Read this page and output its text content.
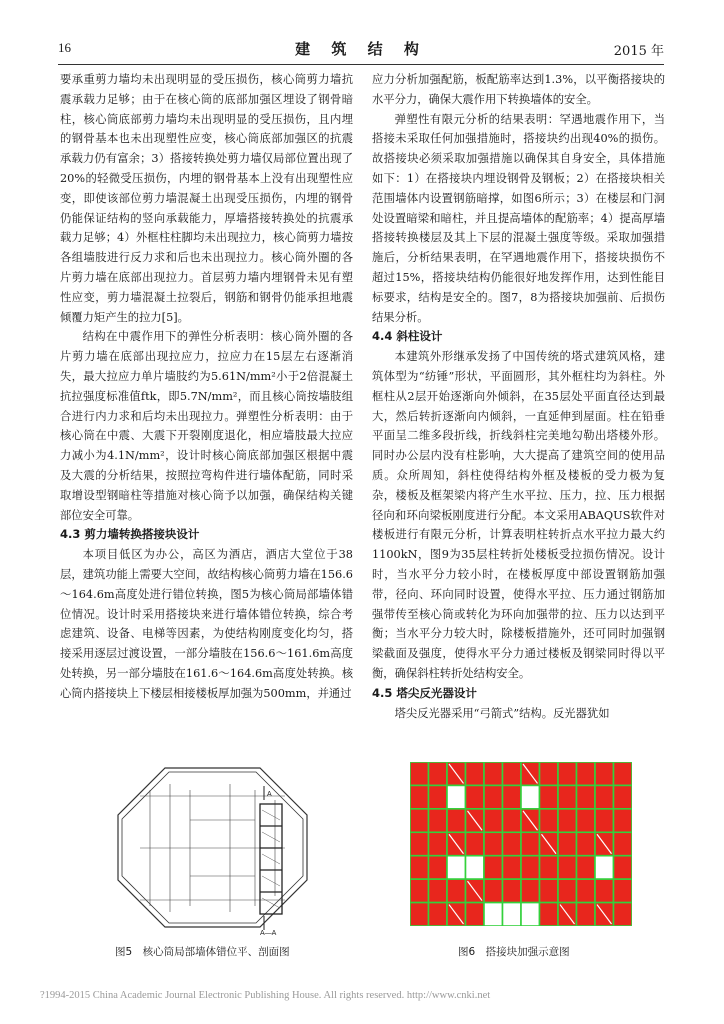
16	建 筑 结 构	2015 年

要承重剪力墙均未出现明显的受压损伤，核心筒剪力墙抗震承载力足够；由于在核心筒的底部加强区埋设了钢骨暗柱，核心筒底部剪力墙均未出现明显的受压损伤，且内埋的钢骨基本也未出现塑性应变，核心筒底部加强区的抗震承载力仍有富余；3）搭接转换处剪力墙仅局部位置出现了20%的轻微受压损伤，内埋的钢骨基本上没有出现塑性应变，即使该部位剪力墙混凝土出现受压损伤，内埋的钢骨仍能保证结构的竖向承载能力，厚墙搭接转换处的抗震承载力足够；4）外框柱柱脚均未出现拉力，核心筒剪力墙按各组墙肢进行反力求和后也未出现拉力。核心筒外圈的各片剪力墙在底部出现拉力。首层剪力墙内埋钢骨未见有塑性应变，剪力墙混凝土拉裂后，钢筋和钢骨仍能承担地震倾覆力矩产生的拉力[5]。

结构在中震作用下的弹性分析表明：核心筒外圈的各片剪力墙在底部出现拉应力，拉应力在15层左右逐渐消失，最大拉应力单片墙肢约为5.61N/mm²小于2倍混凝土抗拉强度标准值ftk，即5.7N/mm²，而且核心筒按墙肢组合进行内力求和后均未出现拉力。弹塑性分析表明：由于核心筒在中震、大震下开裂刚度退化，相应墙肢最大拉应力减小为4.1N/mm²，设计时核心筒底部加强区根据中震及大震的分析结果，按照拉弯构件进行墙体配筋，同时采取增设型钢暗柱等措施对核心筒予以加强，确保结构关键部位安全可靠。

4.3 剪力墙转换搭接块设计

本项目低区为办公，高区为酒店，酒店大堂位于38层，建筑功能上需要大空间，故结构核心筒剪力墙在156.6～164.6m高度处进行错位转换，图5为核心筒局部墙体错位情况。设计时采用搭接块来进行墙体错位转换，综合考虑建筑、设备、电梯等因素，为使结构刚度变化均匀，搭接采用逐层过渡设置，一部分墙肢在156.6～161.6m高度处转换，另一部分墙肢在161.6～164.6m高度处转换。核心筒内搭接块上下楼层相接楼板厚加强为500mm，并通过

应力分析加强配筋，板配筋率达到1.3%，以平衡搭接块的水平分力，确保大震作用下转换墙体的安全。

弹塑性有限元分析的结果表明：罕遇地震作用下，当搭接未采取任何加强措施时，搭接块约出现40%的损伤。故搭接块必须采取加强措施以确保其自身安全，具体措施如下：1）在搭接块内埋设钢骨及钢板；2）在搭接块相关范围墙体内设置钢筋暗撑，如图6所示；3）在楼层和门洞处设置暗梁和暗柱，并且提高墙体的配筋率；4）提高厚墙搭接转换楼层及其上下层的混凝土强度等级。采取加强措施后，分析结果表明，在罕遇地震作用下，搭接块损伤不超过15%，搭接块结构仍能很好地发挥作用，达到性能目标要求，结构是安全的。图7，8为搭接块加强前、后损伤结果分析。

4.4 斜柱设计

本建筑外形继承发扬了中国传统的塔式建筑风格，建筑体型为“纺锤”形状，平面圆形，其外框柱均为斜柱。外框柱从2层开始逐渐向外倾斜，在35层处平面直径达到最大，然后转折逐渐向内倾斜，一直延伸到屋面。柱在铅垂平面呈二维多段折线，折线斜柱完美地勾勒出塔楼外形。同时办公层内没有柱影响，大大提高了建筑空间的使用品质。众所周知，斜柱使得结构外框及楼板的受力极为复杂，楼板及框架梁内将产生水平拉、压力，拉、压力根据径向和环向梁板刚度进行分配。本文采用ABAQUS软件对楼板进行有限元分析，计算表明柱转折点水平拉力最大约1100kN，图9为35层柱转折处楼板受拉损伤情况。设计时，当水平分力较小时，在楼板厚度中部设置钢筋加强带，径向、环向同时设置，使得水平拉、压力通过钢筋加强带传至核心筒或转化为环向加强带的拉、压力以达到平衡；当水平分力较大时，除楼板措施外，还可同时加强钢梁截面及强度，使得水平分力通过楼板及钢梁同时得以平衡，确保斜柱转折处结构安全。

4.5 塔尖反光器设计

塔尖反光器采用“弓箭式”结构。反光器犹如

A
A—A
图5　核心筒局部墙体错位平、剖面图	图6　搭接块加强示意图
?1994-2015 China Academic Journal Electronic Publishing House. All rights reserved. http://www.cnki.net
